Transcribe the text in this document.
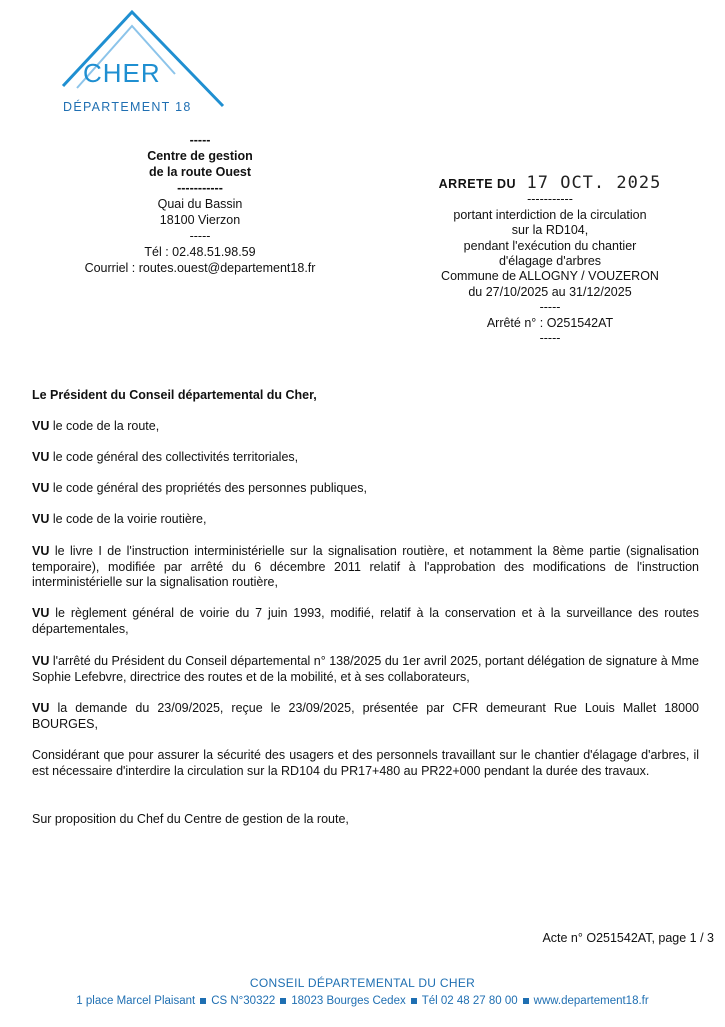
CHER
DÉPARTEMENT 18
-----
Centre de gestion
de la route Ouest
-----------
Quai du Bassin
18100 Vierzon
-----
Tél : 02.48.51.98.59
Courriel : routes.ouest@departement18.fr
ARRETE DU 17 OCT. 2025
-----------
portant interdiction de la circulation
sur la RD104,
pendant l'exécution du chantier
d'élagage d'arbres
Commune de ALLOGNY / VOUZERON
du 27/10/2025 au 31/12/2025
-----
Arrêté n° : O251542AT
-----

Le Président du Conseil départemental du Cher,

VU le code de la route,

VU le code général des collectivités territoriales,

VU le code général des propriétés des personnes publiques,

VU le code de la voirie routière,

VU le livre I de l'instruction interministérielle sur la signalisation routière, et notamment la 8ème partie (signalisation temporaire), modifiée par arrêté du 6 décembre 2011 relatif à l'approbation des modifications de l'instruction interministérielle sur la signalisation routière,

VU le règlement général de voirie du 7 juin 1993, modifié, relatif à la conservation et à la surveillance des routes départementales,

VU l'arrêté du Président du Conseil départemental n° 138/2025 du 1er avril 2025, portant délégation de signature à Mme Sophie Lefebvre, directrice des routes et de la mobilité, et à ses collaborateurs,

VU la demande du 23/09/2025, reçue le 23/09/2025, présentée par CFR demeurant Rue Louis Mallet 18000 BOURGES,

Considérant que pour assurer la sécurité des usagers et des personnels travaillant sur le chantier d'élagage d'arbres, il est nécessaire d'interdire la circulation sur la RD104 du PR17+480 au PR22+000 pendant la durée des travaux.

Sur proposition du Chef du Centre de gestion de la route,

Acte n° O251542AT, page 1 / 3
CONSEIL DÉPARTEMENTAL DU CHER
1 place Marcel Plaisant CS N°30322 18023 Bourges Cedex Tél 02 48 27 80 00 www.departement18.fr
